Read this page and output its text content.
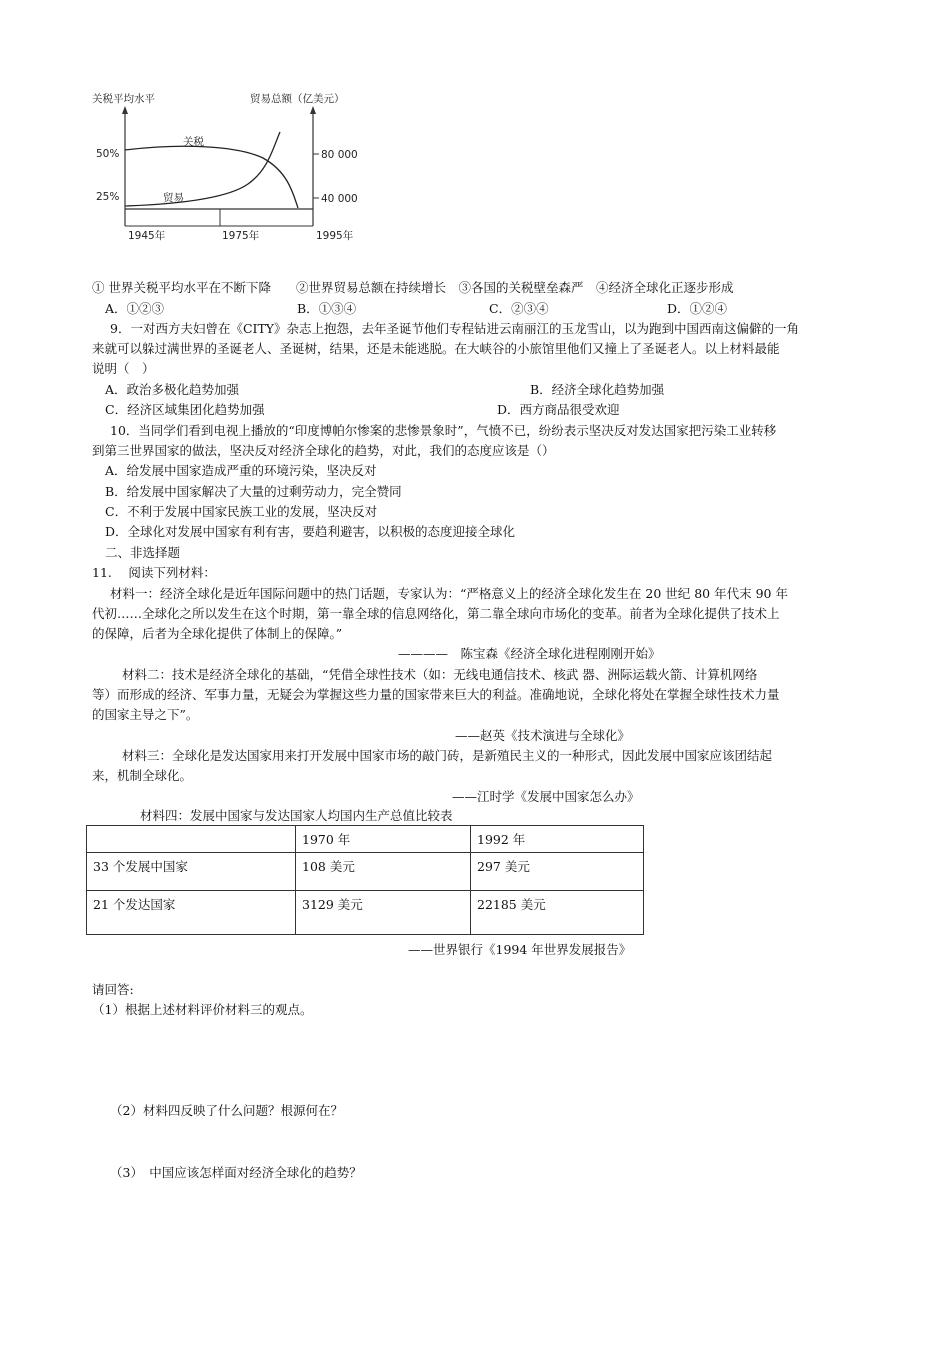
关税平均水平	贸易总额（亿美元）
50%
25%
80 000
40 000
1945年	1975年	1995年
关税
贸易
① 世界关税平均水平在不断下降　　②世界贸易总额在持续增长　③各国的关税壁垒森严　④经济全球化正逐步形成
A．①②③	B．①③④	C．②③④	D．①②④
9．一对西方夫妇曾在《CITY》杂志上抱怨，去年圣诞节他们专程钻进云南丽江的玉龙雪山，以为跑到中国西南这偏僻的一角
来就可以躲过满世界的圣诞老人、圣诞树，结果，还是未能逃脱。在大峡谷的小旅馆里他们又撞上了圣诞老人。以上材料最能
说明（　）
A．政治多极化趋势加强	B．经济全球化趋势加强
C．经济区域集团化趋势加强	D．西方商品很受欢迎
10．当同学们看到电视上播放的“印度博帕尔惨案的悲惨景象时”，气愤不已，纷纷表示坚决反对发达国家把污染工业转移
到第三世界国家的做法，坚决反对经济全球化的趋势，对此，我们的态度应该是（）
A．给发展中国家造成严重的环境污染，坚决反对
B．给发展中国家解决了大量的过剩劳动力，完全赞同
C．不利于发展中国家民族工业的发展，坚决反对
D．全球化对发展中国家有利有害，要趋利避害，以积极的态度迎接全球化
二、非选择题
11.　 阅读下列材料：
材料一：经济全球化是近年国际问题中的热门话题，专家认为：“严格意义上的经济全球化发生在 20 世纪 80 年代末 90 年
代初……全球化之所以发生在这个时期，第一靠全球的信息网络化，第二靠全球向市场化的变革。前者为全球化提供了技术上
的保障，后者为全球化提供了体制上的保障。”
————　陈宝森《经济全球化进程刚刚开始》
材料二：技术是经济全球化的基础，“凭借全球性技术（如：无线电通信技术、核武 器、洲际运载火箭、计算机网络
等）而形成的经济、军事力量，无疑会为掌握这些力量的国家带来巨大的利益。准确地说，全球化将处在掌握全球性技术力量
的国家主导之下”。
——赵英《技术演进与全球化》
材料三：全球化是发达国家用来打开发展中国家市场的敲门砖，是新殖民主义的一种形式，因此发展中国家应该团结起
来，机制全球化。
——江时学《发展中国家怎么办》
材料四：发展中国家与发达国家人均国内生产总值比较表
	1970 年	1992 年
33 个发展中国家	108 美元	297 美元
21 个发达国家	3129 美元	22185 美元
——世界银行《1994 年世界发展报告》
请回答:
（1）根据上述材料评价材料三的观点。
（2）材料四反映了什么问题？根源何在？
（3）　中国应该怎样面对经济全球化的趋势？
